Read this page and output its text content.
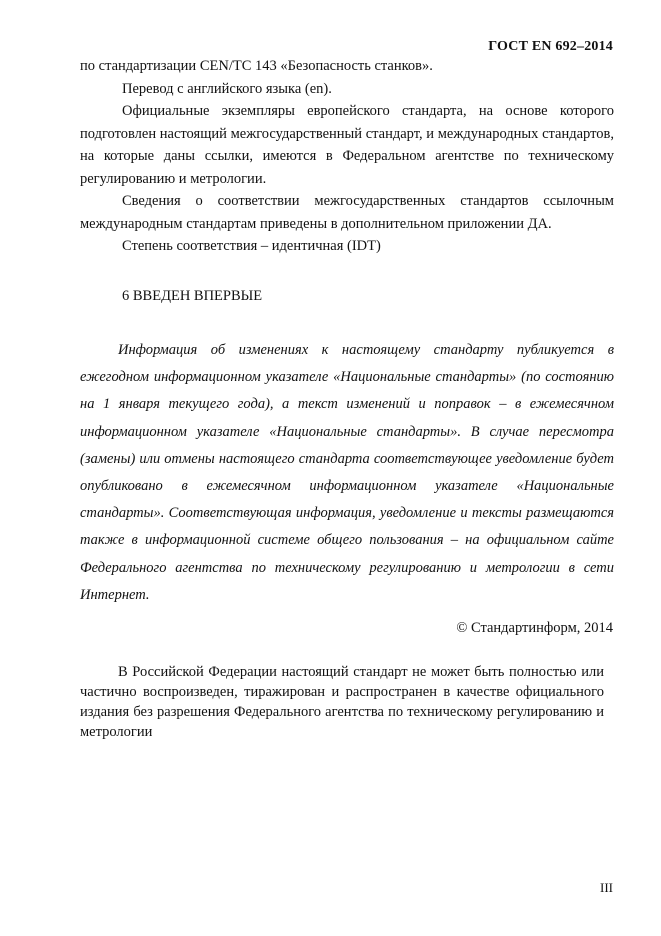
ГОСТ EN 692–2014

по стандартизации CEN/TC 143 «Безопасность станков».

Перевод с английского языка (en).

Официальные экземпляры европейского стандарта, на основе которого подготовлен настоящий межгосударственный стандарт, и международных стандартов, на которые даны ссылки, имеются в Федеральном агентстве по техническому регулированию и метрологии.

Сведения о соответствии межгосударственных стандартов ссылочным международным стандартам приведены в дополнительном приложении ДА.

Степень соответствия – идентичная (IDT)

6 ВВЕДЕН ВПЕРВЫЕ
Информация об изменениях к настоящему стандарту публикуется в ежегодном информационном указателе «Национальные стандарты» (по состоянию на 1 января текущего года), а текст изменений и поправок – в ежемесячном информационном указателе «Национальные стандарты». В случае пересмотра (замены) или отмены настоящего стандарта соответствующее уведомление будет опубликовано в ежемесячном информационном указателе «Национальные стандарты». Соответствующая информация, уведомление и тексты размещаются также в информационной системе общего пользования – на официальном сайте Федерального агентства по техническому регулированию и метрологии в сети Интернет.
© Стандартинформ, 2014
В Российской Федерации настоящий стандарт не может быть полностью или частично воспроизведен, тиражирован и распространен в качестве официального издания без разрешения Федерального агентства по техническому регулированию и метрологии
III
